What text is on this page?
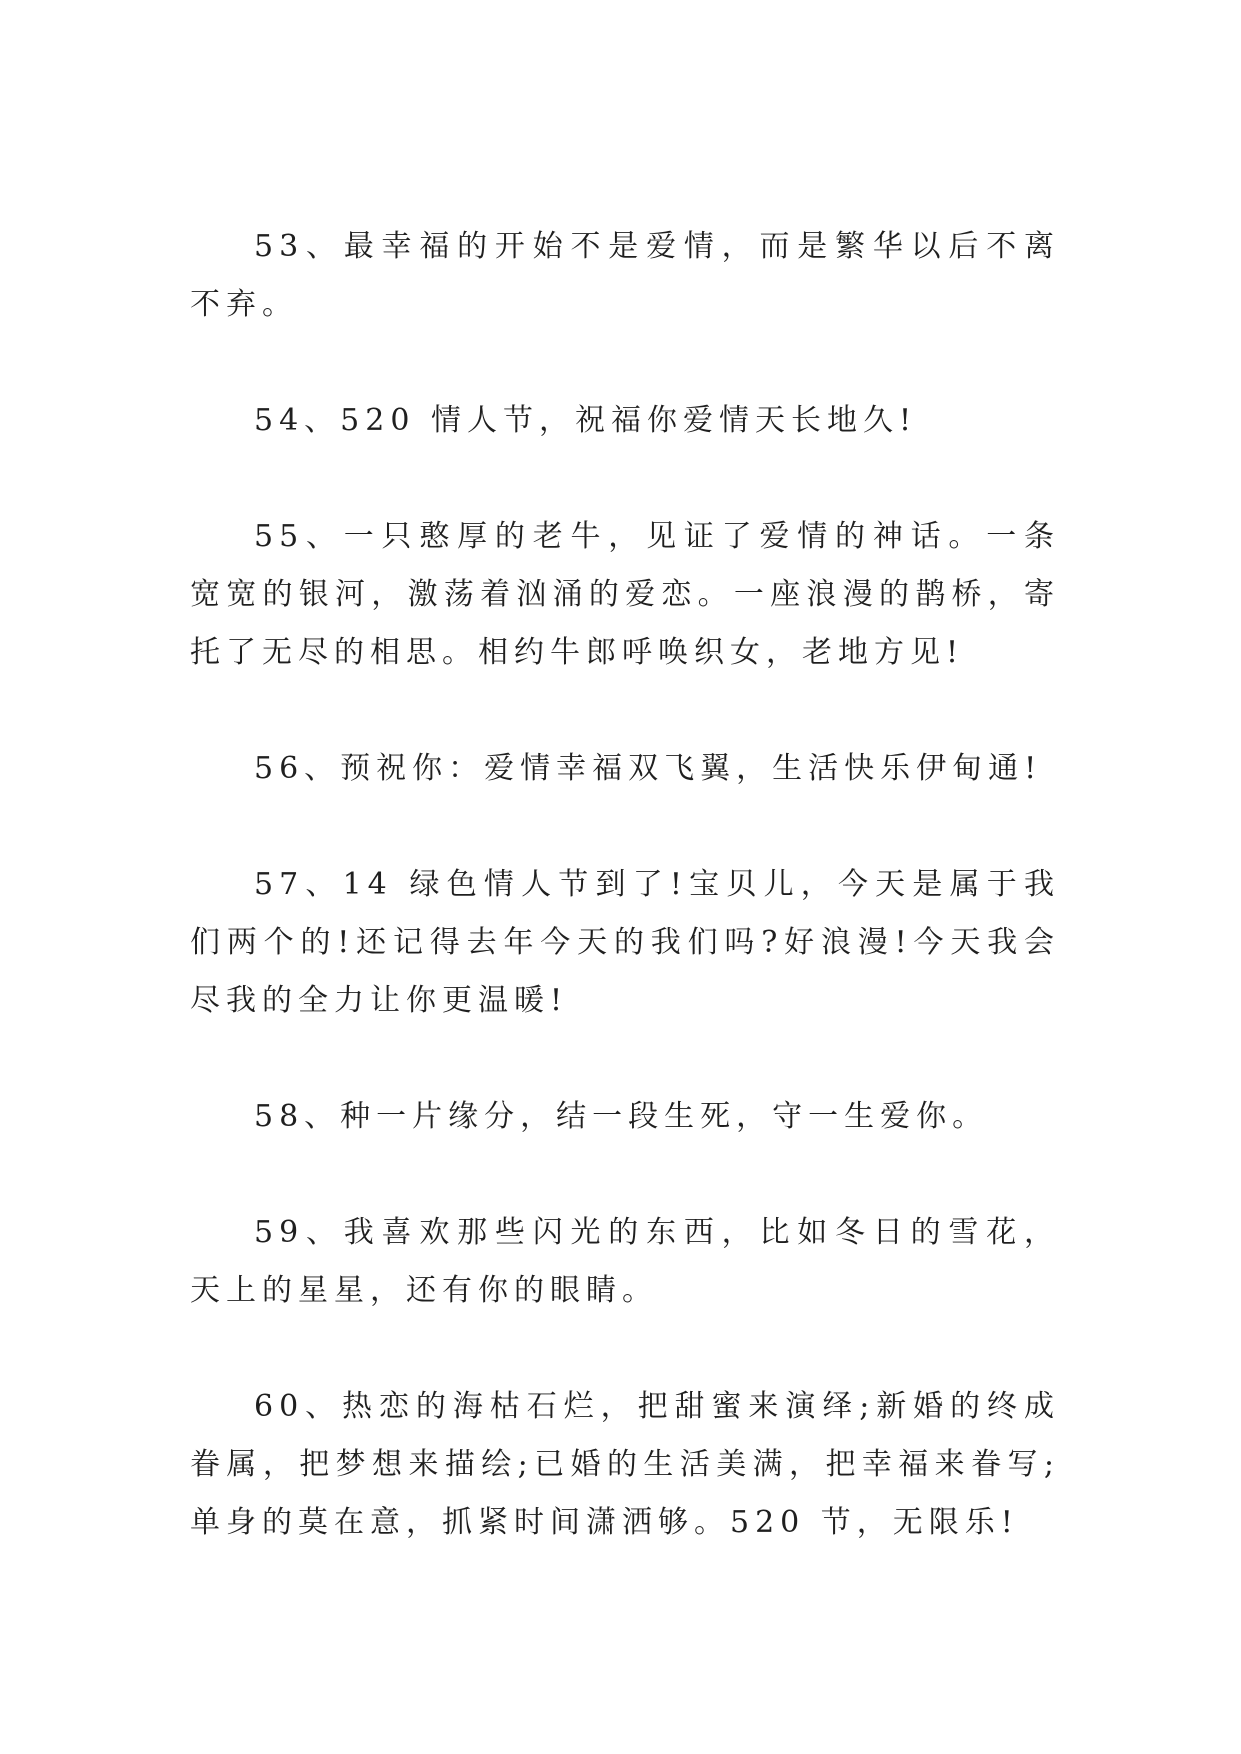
53、最幸福的开始不是爱情，而是繁华以后不离不弃。

54、520 情人节，祝福你爱情天长地久!

55、一只憨厚的老牛，见证了爱情的神话。一条宽宽的银河，激荡着汹涌的爱恋。一座浪漫的鹊桥，寄托了无尽的相思。相约牛郎呼唤织女，老地方见!

56、预祝你：爱情幸福双飞翼，生活快乐伊甸通!

57、14 绿色情人节到了!宝贝儿，今天是属于我们两个的!还记得去年今天的我们吗?好浪漫!今天我会尽我的全力让你更温暖!

58、种一片缘分，结一段生死，守一生爱你。

59、我喜欢那些闪光的东西，比如冬日的雪花，天上的星星，还有你的眼睛。

60、热恋的海枯石烂，把甜蜜来演绎;新婚的终成眷属，把梦想来描绘;已婚的生活美满，把幸福来眷写;单身的莫在意，抓紧时间潇洒够。520 节，无限乐!
